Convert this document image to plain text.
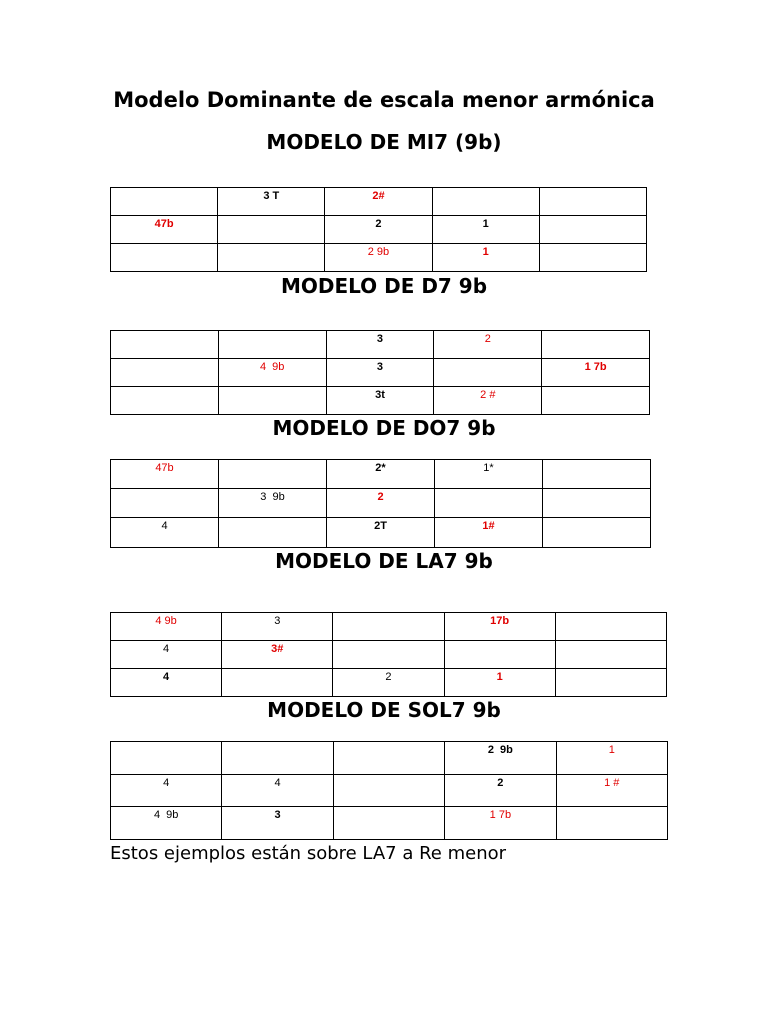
Modelo Dominante de escala menor armónica
MODELO DE MI7 (9b)
	3 T	2#		
47b		2	1	
		2 9b	1	
MODELO DE D7 9b
		3	2	
	4  9b	3		1 7b
		3t	2 #	
MODELO DE DO7 9b
47b		2*	1*	
	3  9b	2		
4		2T	1#	
MODELO DE LA7 9b
4 9b	3		17b	
4	3#			
4		2	1	
MODELO DE SOL7 9b
			2  9b	1
4	4		2	1 #
4  9b	3		1 7b	

Estos ejemplos están sobre LA7 a Re menor
